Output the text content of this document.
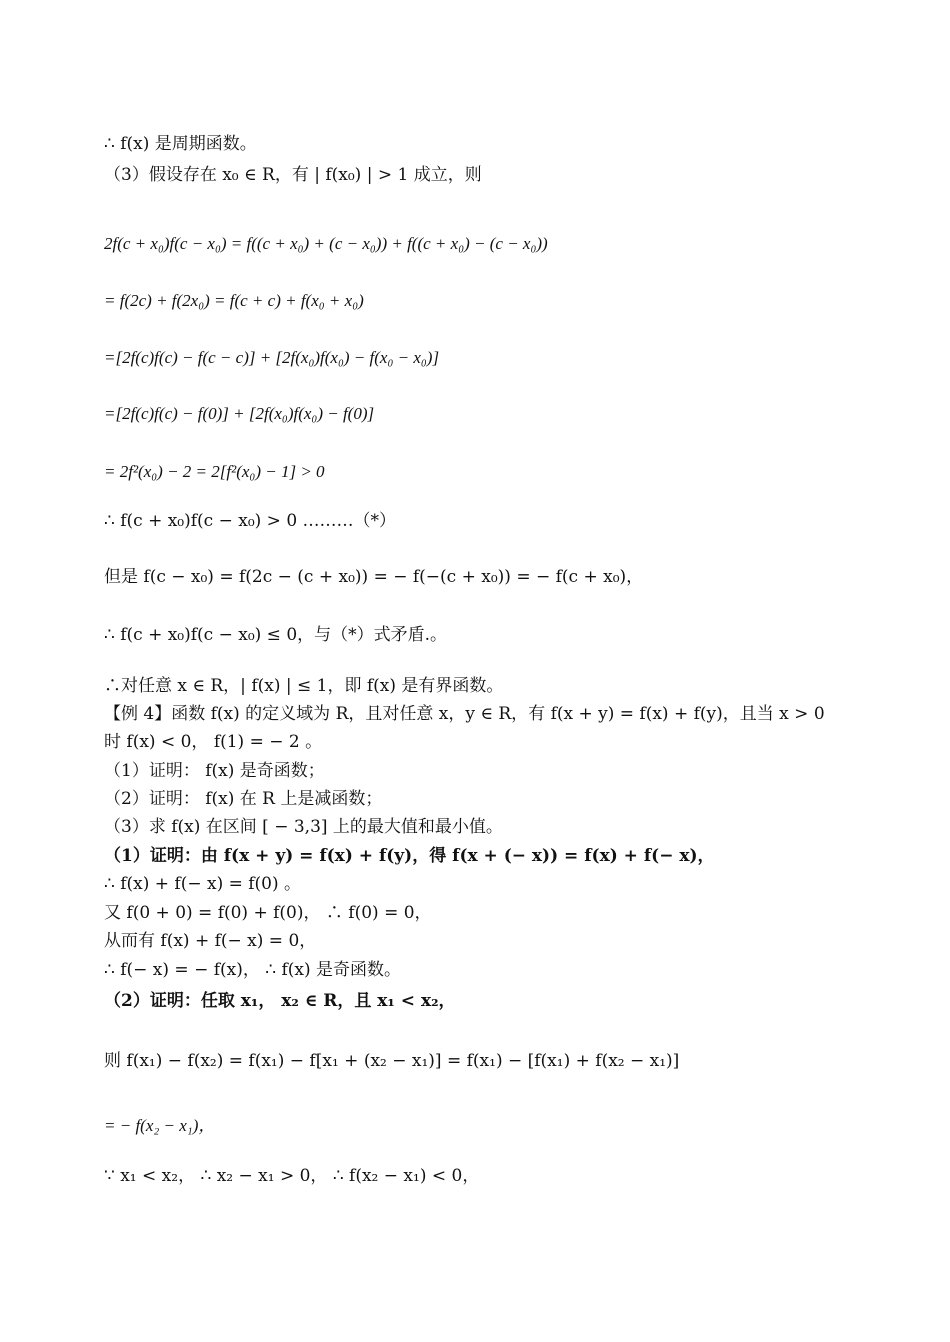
∴ f(x) 是周期函数。
（3）假设存在 x₀ ∈ R，有 | f(x₀) | > 1 成立，则
2f(c + x₀)f(c − x₀) = f((c + x₀) + (c − x₀)) + f((c + x₀) − (c − x₀))
= f(2c) + f(2x₀) = f(c + c) + f(x₀ + x₀)
=[2f(c)f(c) − f(c − c)] + [2f(x₀)f(x₀) − f(x₀ − x₀)]
=[2f(c)f(c) − f(0)] + [2f(x₀)f(x₀) − f(0)]
= 2f²(x₀) − 2 = 2[f²(x₀) − 1] > 0
∴ f(c + x₀)f(c − x₀) > 0 ………（*）
但是 f(c − x₀) = f(2c − (c + x₀)) = − f(−(c + x₀)) = − f(c + x₀)，
∴ f(c + x₀)f(c − x₀) ≤ 0，与（*）式矛盾.。
∴对任意 x ∈ R，| f(x) | ≤ 1，即 f(x) 是有界函数。
【例 4】函数 f(x) 的定义域为 R，且对任意 x，y ∈ R，有 f(x + y) = f(x) + f(y)，且当 x > 0
时 f(x) < 0， f(1) = − 2 。
（1）证明： f(x) 是奇函数；
（2）证明： f(x) 在 R 上是减函数；
（3）求 f(x) 在区间 [ − 3,3] 上的最大值和最小值。
（1）证明：由 f(x + y) = f(x) + f(y)，得 f(x + (− x)) = f(x) + f(− x)，
∴ f(x) + f(− x) = f(0) 。
又 f(0 + 0) = f(0) + f(0)， ∴ f(0) = 0，
从而有 f(x) + f(− x) = 0，
∴ f(− x) = − f(x)， ∴ f(x) 是奇函数。
（2）证明：任取 x₁， x₂ ∈ R，且 x₁ < x₂，
则 f(x₁) − f(x₂) = f(x₁) − f[x₁ + (x₂ − x₁)] = f(x₁) − [f(x₁) + f(x₂ − x₁)]
= − f(x₂ − x₁)，
∵ x₁ < x₂， ∴ x₂ − x₁ > 0， ∴ f(x₂ − x₁) < 0，
